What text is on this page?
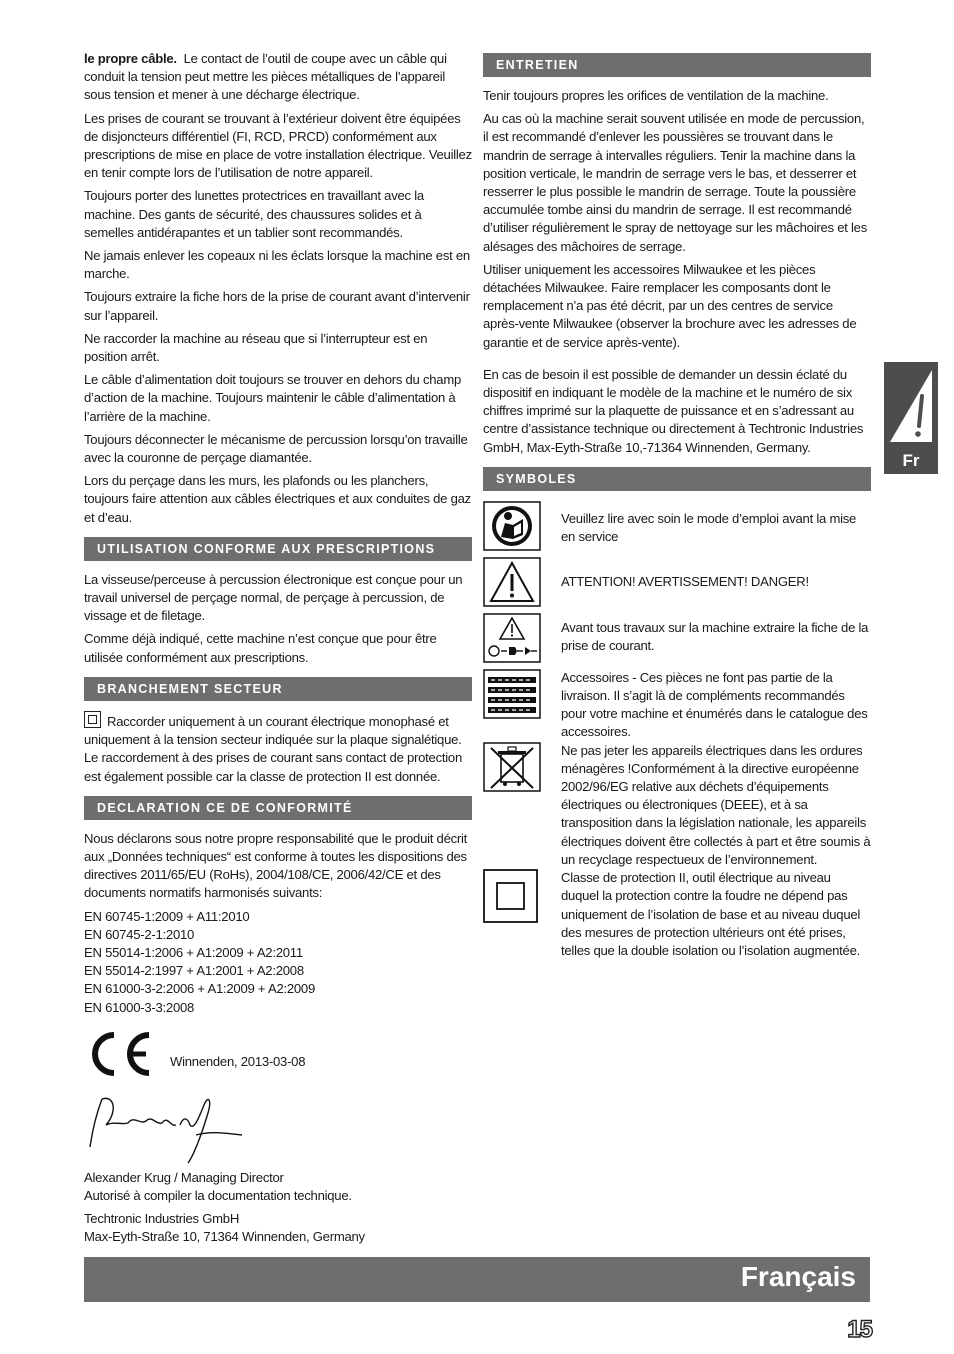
le propre câble. Le contact de l’outil de coupe avec un câble qui conduit la tension peut mettre les pièces métalliques de l’appareil sous tension et mener à une décharge électrique.

Les prises de courant se trouvant à l’extérieur doivent être équipées de disjoncteurs différentiel (FI, RCD, PRCD) conformément aux prescriptions de mise en place de votre installation électrique. Veuillez en tenir compte lors de l’utilisation de notre appareil.

Toujours porter des lunettes protectrices en travaillant avec la machine. Des gants de sécurité, des chaussures solides et à semelles antidérapantes et un tablier sont recommandés.

Ne jamais enlever les copeaux ni les éclats lorsque la machine est en marche.

Toujours extraire la fiche hors de la prise de courant avant d’intervenir sur l’appareil.

Ne raccorder la machine au réseau que si l’interrupteur est en position arrêt.

Le câble d’alimentation doit toujours se trouver en dehors du champ d’action de la machine. Toujours maintenir le câble d’alimentation à l’arrière de la machine.

Toujours déconnecter le mécanisme de percussion lorsqu’on travaille avec la couronne de perçage diamantée.

Lors du perçage dans les murs, les plafonds ou les planchers, toujours faire attention aux câbles électriques et aux conduites de gaz et d’eau.

UTILISATION CONFORME AUX PRESCRIPTIONS

La visseuse/perceuse à percussion électronique est conçue pour un travail universel de perçage normal, de perçage à percussion, de vissage et de filetage.

Comme déjà indiqué, cette machine n’est conçue que pour être utilisée conformément aux prescriptions.

BRANCHEMENT SECTEUR

Raccorder uniquement à un courant électrique monophasé et uniquement à la tension secteur indiquée sur la plaque signalétique. Le raccordement à des prises de courant sans contact de protection est également possible car la classe de protection II est donnée.

DECLARATION CE DE CONFORMITÉ

Nous déclarons sous notre propre responsabilité que le produit décrit aux „Données techniques“ est conforme à toutes les dispositions des directives 2011/65/EU (RoHs), 2004/108/CE, 2006/42/CE et des documents normatifs harmonisés suivants:

EN 60745-1:2009 + A11:2010
EN 60745-2-1:2010
EN 55014-1:2006 + A1:2009 + A2:2011
EN 55014-2:1997 + A1:2001 + A2:2008
EN 61000-3-2:2006 + A1:2009 + A2:2009
EN 61000-3-3:2008
Winnenden, 2013-03-08

Alexander Krug / Managing Director
Autorisé à compiler la documentation technique.

Techtronic Industries GmbH
Max-Eyth-Straße 10, 71364 Winnenden, Germany

ENTRETIEN

Tenir toujours propres les orifices de ventilation de la machine.

Au cas où la machine serait souvent utilisée en mode de percussion, il est recommandé d’enlever les poussières se trouvant dans le mandrin de serrage à intervalles réguliers. Tenir la machine dans la position verticale, le mandrin de serrage vers le bas, et desserrer et resserrer le plus possible le mandrin de serrage. Toute la poussière accumulée tombe ainsi du mandrin de serrage. Il est recommandé d’utiliser régulièrement le spray de nettoyage sur les mâchoires et les alésages des mâchoires de serrage.

Utiliser uniquement les accessoires Milwaukee et les pièces détachées Milwaukee. Faire remplacer les composants dont le remplacement n’a pas été décrit, par un des centres de service après-vente Milwaukee (observer la brochure avec les adresses de garantie et de service après-vente).

En cas de besoin il est possible de demander un dessin éclaté du dispositif en indiquant le modèle de la machine et le numéro de six chiffres imprimé sur la plaquette de puissance et en s’adressant au centre d’assistance technique ou directement à Techtronic Industries GmbH, Max-Eyth-Straße 10,-71364 Winnenden, Germany.

SYMBOLES
Veuillez lire avec soin le mode d’emploi avant la mise en service
ATTENTION! AVERTISSEMENT! DANGER!
Avant tous travaux sur la machine extraire la fiche de la prise de courant.
Accessoires - Ces pièces ne font pas partie de la livraison. Il s’agit là de compléments recommandés pour votre machine et énumérés dans le catalogue des accessoires.
Ne pas jeter les appareils électriques dans les ordures ménagères !Conformément à la directive européenne 2002/96/EG relative aux déchets d’équipements électriques ou électroniques (DEEE), et à sa transposition dans la législation nationale, les appareils électriques doivent être collectés à part et être soumis à un recyclage respectueux de l’environnement.
Classe de protection II, outil électrique au niveau duquel la protection contre la foudre ne dépend pas uniquement de l’isolation de base et au niveau duquel des mesures de protection ultérieurs ont été prises, telles que la double isolation ou l’isolation augmentée.
Fr
Français
15
